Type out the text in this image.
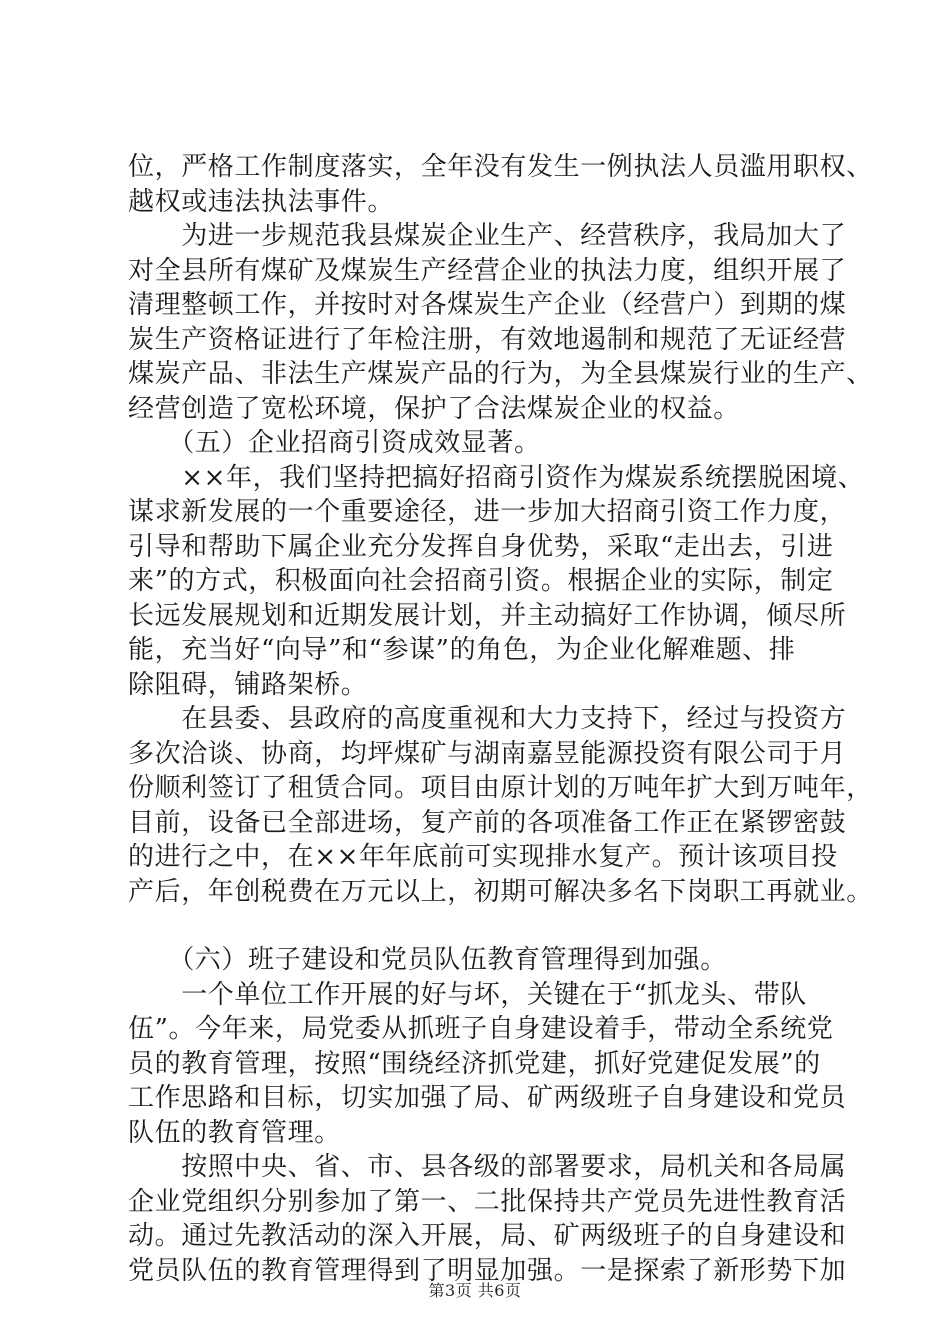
位，严格工作制度落实，全年没有发生一例执法人员滥用职权、
越权或违法执法事件。
　　为进一步规范我县煤炭企业生产、经营秩序，我局加大了
对全县所有煤矿及煤炭生产经营企业的执法力度，组织开展了
清理整顿工作，并按时对各煤炭生产企业（经营户）到期的煤
炭生产资格证进行了年检注册，有效地遏制和规范了无证经营
煤炭产品、非法生产煤炭产品的行为，为全县煤炭行业的生产、
经营创造了宽松环境，保护了合法煤炭企业的权益。
　　（五）企业招商引资成效显著。
　　××年，我们坚持把搞好招商引资作为煤炭系统摆脱困境、
谋求新发展的一个重要途径，进一步加大招商引资工作力度，
引导和帮助下属企业充分发挥自身优势，采取“走出去，引进
来”的方式，积极面向社会招商引资。根据企业的实际，制定
长远发展规划和近期发展计划，并主动搞好工作协调，倾尽所
能，充当好“向导”和“参谋”的角色，为企业化解难题、排
除阻碍，铺路架桥。
　　在县委、县政府的高度重视和大力支持下，经过与投资方
多次洽谈、协商，均坪煤矿与湖南嘉昱能源投资有限公司于月
份顺利签订了租赁合同。项目由原计划的万吨年扩大到万吨年，
目前，设备已全部进场，复产前的各项准备工作正在紧锣密鼓
的进行之中，在××年年底前可实现排水复产。预计该项目投
产后，年创税费在万元以上，初期可解决多名下岗职工再就业。
　　（六）班子建设和党员队伍教育管理得到加强。
　　一个单位工作开展的好与坏，关键在于“抓龙头、带队
伍”。今年来，局党委从抓班子自身建设着手，带动全系统党
员的教育管理，按照“围绕经济抓党建，抓好党建促发展”的
工作思路和目标，切实加强了局、矿两级班子自身建设和党员
队伍的教育管理。
　　按照中央、省、市、县各级的部署要求，局机关和各局属
企业党组织分别参加了第一、二批保持共产党员先进性教育活
动。通过先教活动的深入开展，局、矿两级班子的自身建设和
党员队伍的教育管理得到了明显加强。一是探索了新形势下加
第3页 共6页
